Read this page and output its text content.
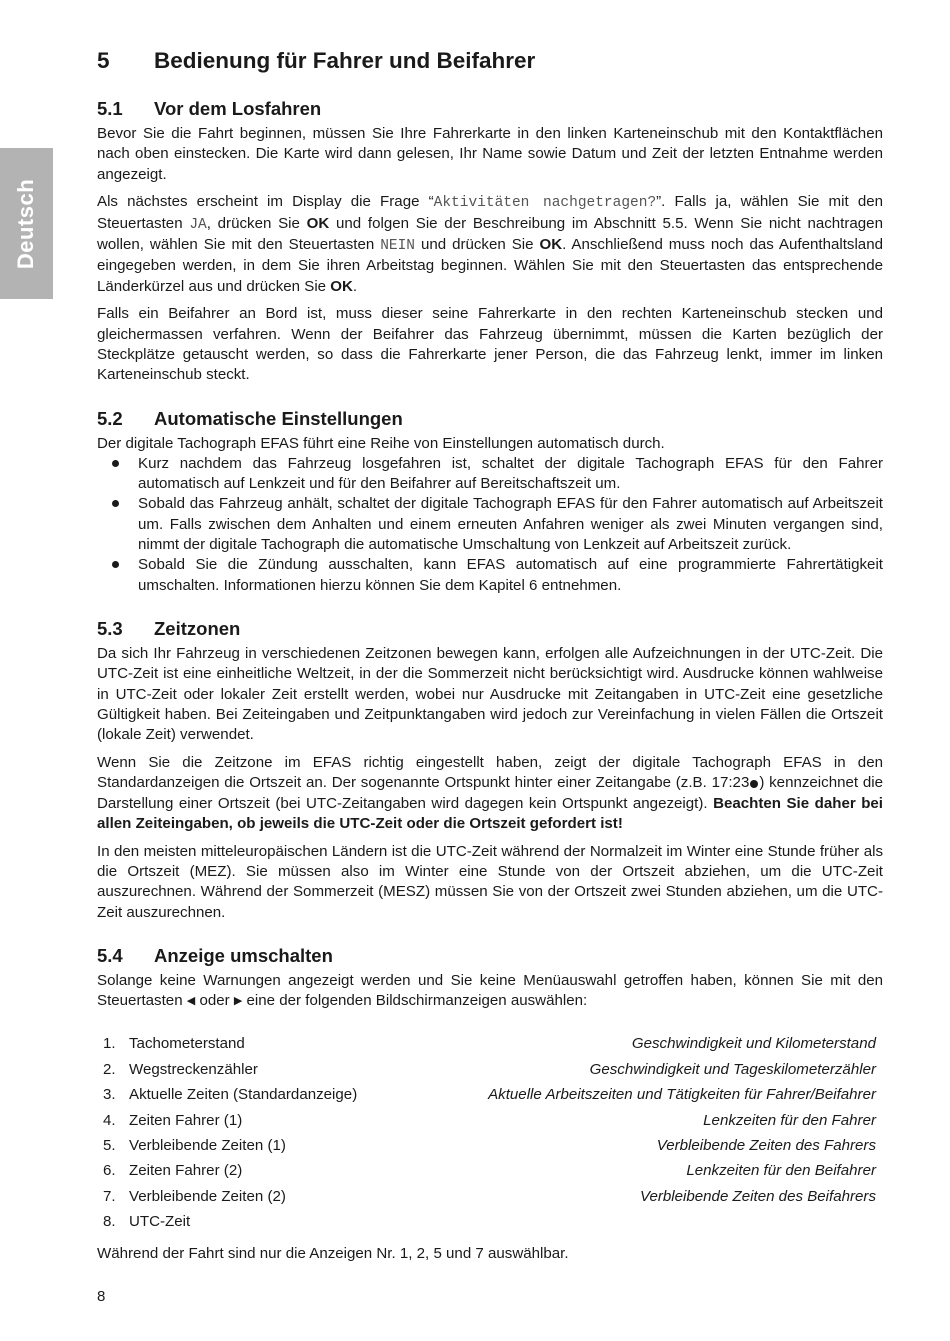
Deutsch
5	Bedienung für Fahrer und Beifahrer
5.1	Vor dem Losfahren

Bevor Sie die Fahrt beginnen, müssen Sie Ihre Fahrerkarte in den linken Karteneinschub mit den Kontaktflächen nach oben einstecken. Die Karte wird dann gelesen, Ihr Name sowie Datum und Zeit der letzten Entnahme werden angezeigt.

Als nächstes erscheint im Display die Frage “Aktivitäten nachgetragen?”. Falls ja, wählen Sie mit den Steuertasten JA, drücken Sie OK und folgen Sie der Beschreibung im Abschnitt 5.5. Wenn Sie nicht nachtragen wollen, wählen Sie mit den Steuertasten NEIN und drücken Sie OK. Anschließend muss noch das Aufenthaltsland eingegeben werden, in dem Sie ihren Arbeitstag beginnen. Wählen Sie mit den Steuertasten das entsprechende Länderkürzel aus und drücken Sie OK.

Falls ein Beifahrer an Bord ist, muss dieser seine Fahrerkarte in den rechten Karteneinschub stecken und gleichermassen verfahren. Wenn der Beifahrer das Fahrzeug übernimmt, müssen die Karten bezüglich der Steckplätze getauscht werden, so dass die Fahrerkarte jener Person, die das Fahrzeug lenkt, immer im linken Karteneinschub steckt.

5.2	Automatische Einstellungen

Der digitale Tachograph EFAS führt eine Reihe von Einstellungen automatisch durch.

Kurz nachdem das Fahrzeug losgefahren ist, schaltet der digitale Tachograph EFAS für den Fahrer automatisch auf Lenkzeit und für den Beifahrer auf Bereitschaftszeit um.
Sobald das Fahrzeug anhält, schaltet der digitale Tachograph EFAS für den Fahrer automatisch auf Arbeitszeit um. Falls zwischen dem Anhalten und einem erneuten Anfahren weniger als zwei Minuten vergangen sind, nimmt der digitale Tachograph die automatische Umschaltung von Lenkzeit auf Arbeitszeit zurück.
Sobald Sie die Zündung ausschalten, kann EFAS automatisch auf eine programmierte Fahrertätigkeit umschalten. Informationen hierzu können Sie dem Kapitel 6 entnehmen.
5.3	Zeitzonen

Da sich Ihr Fahrzeug in verschiedenen Zeitzonen bewegen kann, erfolgen alle Aufzeichnungen in der UTC-Zeit. Die UTC-Zeit ist eine einheitliche Weltzeit, in der die Sommerzeit nicht berücksichtigt wird. Ausdrucke können wahlweise in UTC-Zeit oder lokaler Zeit erstellt werden, wobei nur Ausdrucke mit Zeitangaben in UTC-Zeit eine gesetzliche Gültigkeit haben. Bei Zeiteingaben und Zeitpunktangaben wird jedoch zur Vereinfachung in vielen Fällen die Ortszeit (lokale Zeit) verwendet.

Wenn Sie die Zeitzone im EFAS richtig eingestellt haben, zeigt der digitale Tachograph EFAS in den Standardanzeigen die Ortszeit an. Der sogenannte Ortspunkt hinter einer Zeitangabe (z.B. 17:23 ) kennzeichnet die Darstellung einer Ortszeit (bei UTC-Zeitangaben wird dagegen kein Ortspunkt angezeigt). Beachten Sie daher bei allen Zeiteingaben, ob jeweils die UTC-Zeit oder die Ortszeit gefordert ist!

In den meisten mitteleuropäischen Ländern ist die UTC-Zeit während der Normalzeit im Winter eine Stunde früher als die Ortszeit (MEZ). Sie müssen also im Winter eine Stunde von der Ortszeit abziehen, um die UTC-Zeit auszurechnen. Während der Sommerzeit (MESZ) müssen Sie von der Ortszeit zwei Stunden abziehen, um die UTC-Zeit auszurechnen.

5.4	Anzeige umschalten

Solange keine Warnungen angezeigt werden und Sie keine Menüauswahl getroffen haben, können Sie mit den Steuertasten ◀ oder ▶ eine der folgenden Bildschirmanzeigen auswählen:

1. Tachometerstand	Geschwindigkeit und Kilometerstand
2. Wegstreckenzähler	Geschwindigkeit und Tageskilometerzähler
3. Aktuelle Zeiten (Standardanzeige)	Aktuelle Arbeitszeiten und Tätigkeiten für Fahrer/Beifahrer
4. Zeiten Fahrer (1)	Lenkzeiten für den Fahrer
5. Verbleibende Zeiten (1)	Verbleibende Zeiten des Fahrers
6. Zeiten Fahrer (2)	Lenkzeiten für den Beifahrer
7. Verbleibende Zeiten (2)	Verbleibende Zeiten des Beifahrers
8. UTC-Zeit

Während der Fahrt sind nur die Anzeigen Nr. 1, 2, 5 und 7 auswählbar.

8
